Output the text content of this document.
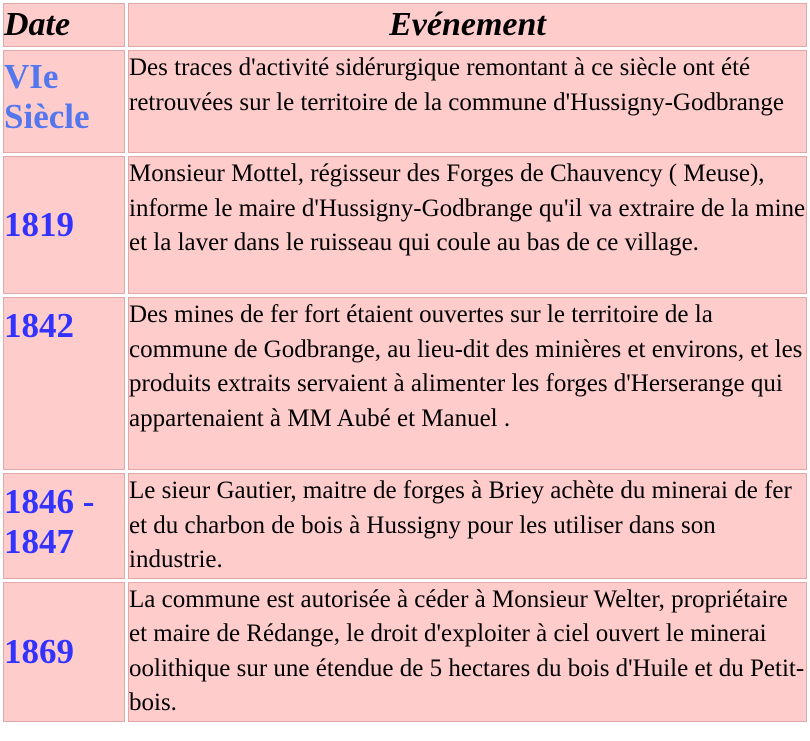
Date	Evénement
VIe Siècle	Des traces d'activité sidérurgique remontant à ce siècle ont été retrouvées sur le territoire de la commune d'Hussigny-Godbrange
1819	Monsieur Mottel, régisseur des Forges de Chauvency ( Meuse), informe le maire d'Hussigny-Godbrange qu'il va extraire de la mine et la laver dans le ruisseau qui coule au bas de ce village.
1842	Des mines de fer fort étaient ouvertes sur le territoire de la commune de Godbrange, au lieu-dit des minières et environs, et les produits extraits servaient à alimenter les forges d'Herserange qui appartenaient à MM Aubé et Manuel .
1846 - 1847	Le sieur Gautier, maitre de forges à Briey achète du minerai de fer et du charbon de bois à Hussigny pour les utiliser dans son industrie.
1869	La commune est autorisée à céder à Monsieur Welter, propriétaire et maire de Rédange, le droit d'exploiter à ciel ouvert le minerai oolithique sur une étendue de 5 hectares du bois d'Huile et du Petit-bois.
